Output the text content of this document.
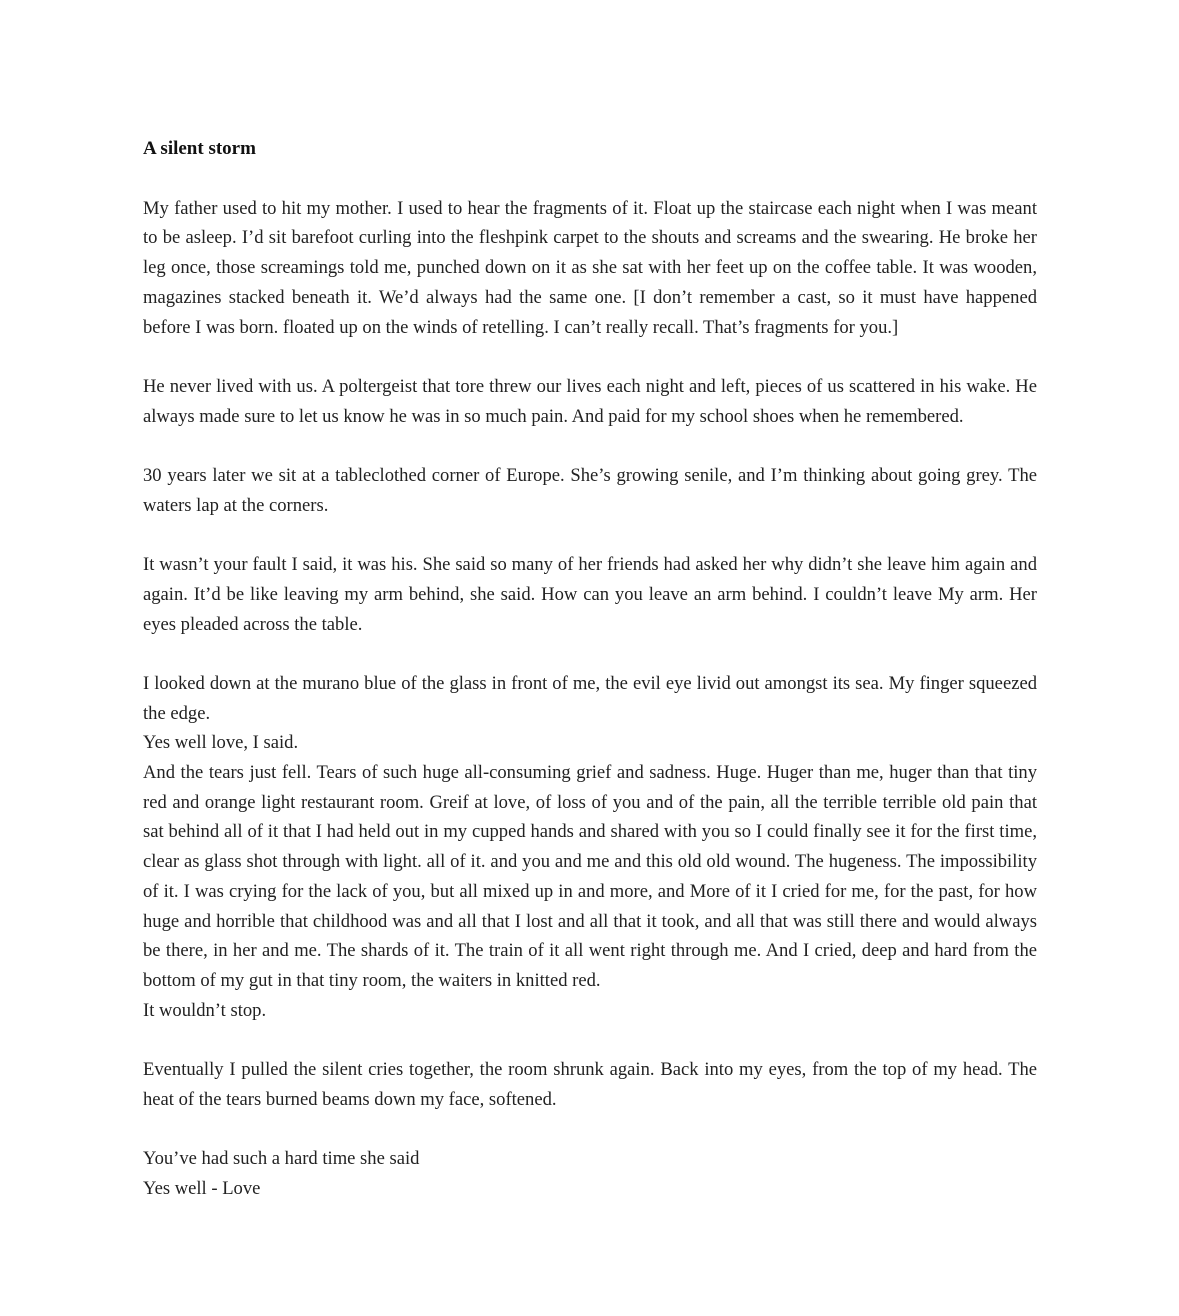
A silent storm
My father used to hit my mother. I used to hear the fragments of it. Float up the staircase each night when I was meant to be asleep. I’d sit barefoot curling into the fleshpink carpet to the shouts and screams and the swearing. He broke her leg once, those screamings told me, punched down on it as she sat with her feet up on the coffee table. It was wooden, magazines stacked beneath it. We’d always had the same one. [I don’t remember a cast, so it must have happened before I was born. floated up on the winds of retelling. I can’t really recall. That’s fragments for you.]
He never lived with us. A poltergeist that tore threw our lives each night and left, pieces of us scattered in his wake. He always made sure to let us know he was in so much pain. And paid for my school shoes when he remembered.
30 years later we sit at a tableclothed corner of Europe. She’s growing senile, and I’m thinking about going grey. The waters lap at the corners.
It wasn’t your fault I said, it was his. She said so many of her friends had asked her why didn’t she leave him again and again. It’d be like leaving my arm behind, she said. How can you leave an arm behind. I couldn’t leave My arm. Her eyes pleaded across the table.
I looked down at the murano blue of the glass in front of me, the evil eye livid out amongst its sea. My finger squeezed the edge.
Yes well love, I said.
And the tears just fell. Tears of such huge all-consuming grief and sadness. Huge. Huger than me, huger than that tiny red and orange light restaurant room. Greif at love, of loss of you and of the pain, all the terrible terrible old pain that sat behind all of it that I had held out in my cupped hands and shared with you so I could finally see it for the first time, clear as glass shot through with light. all of it. and you and me and this old old wound. The hugeness. The impossibility of it. I was crying for the lack of you, but all mixed up in and more, and More of it I cried for me, for the past, for how huge and horrible that childhood was and all that I lost and all that it took, and all that was still there and would always be there, in her and me. The shards of it. The train of it all went right through me. And I cried, deep and hard from the bottom of my gut in that tiny room, the waiters in knitted red.
It wouldn’t stop.
Eventually I pulled the silent cries together, the room shrunk again. Back into my eyes, from the top of my head. The heat of the tears burned beams down my face, softened.
You’ve had such a hard time she said
Yes well - Love
